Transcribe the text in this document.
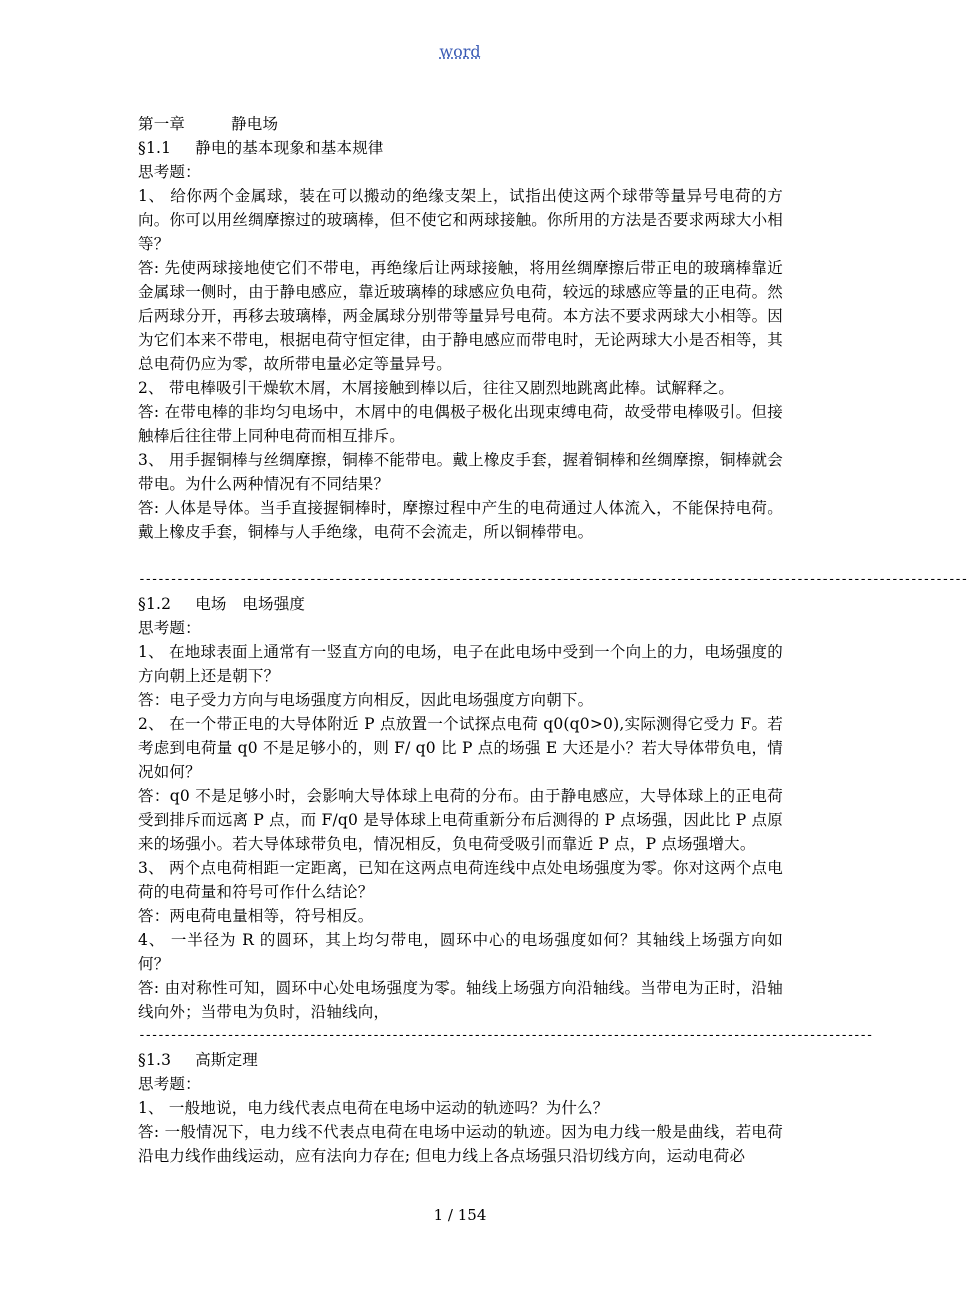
word
第一章	静电场
§1.1 静电的基本现象和基本规律
思考题：
1、 给你两个金属球，装在可以搬动的绝缘支架上，试指出使这两个球带等量异号电荷的方向。你可以用丝绸摩擦过的玻璃棒，但不使它和两球接触。你所用的方法是否要求两球大小相等？
答: 先使两球接地使它们不带电，再绝缘后让两球接触，将用丝绸摩擦后带正电的玻璃棒靠近金属球一侧时，由于静电感应，靠近玻璃棒的球感应负电荷，较远的球感应等量的正电荷。然后两球分开，再移去玻璃棒，两金属球分别带等量异号电荷。本方法不要求两球大小相等。因为它们本来不带电，根据电荷守恒定律，由于静电感应而带电时，无论两球大小是否相等，其总电荷仍应为零，故所带电量必定等量异号。
2、 带电棒吸引干燥软木屑，木屑接触到棒以后，往往又剧烈地跳离此棒。试解释之。
答: 在带电棒的非均匀电场中，木屑中的电偶极子极化出现束缚电荷，故受带电棒吸引。但接触棒后往往带上同种电荷而相互排斥。
3、 用手握铜棒与丝绸摩擦，铜棒不能带电。戴上橡皮手套，握着铜棒和丝绸摩擦，铜棒就会带电。为什么两种情况有不同结果？
答: 人体是导体。当手直接握铜棒时，摩擦过程中产生的电荷通过人体流入，不能保持电荷。戴上橡皮手套，铜棒与人手绝缘，电荷不会流走，所以铜棒带电。
-----------------------------------------------------------------------------------------------------------------------------------
§1.2 电场　电场强度
思考题：
1、 在地球表面上通常有一竖直方向的电场，电子在此电场中受到一个向上的力，电场强度的方向朝上还是朝下？
答：电子受力方向与电场强度方向相反，因此电场强度方向朝下。
2、 在一个带正电的大导体附近 P 点放置一个试探点电荷 q0(q0>0),实际测得它受力 F。若考虑到电荷量 q0 不是足够小的，则 F/ q0 比 P 点的场强 E 大还是小？若大导体带负电，情况如何？
答：q0 不是足够小时，会影响大导体球上电荷的分布。由于静电感应，大导体球上的正电荷受到排斥而远离 P 点，而 F/q0 是导体球上电荷重新分布后测得的 P 点场强，因此比 P 点原来的场强小。若大导体球带负电，情况相反，负电荷受吸引而靠近 P 点，P 点场强增大。
3、 两个点电荷相距一定距离，已知在这两点电荷连线中点处电场强度为零。你对这两个点电荷的电荷量和符号可作什么结论？
答：两电荷电量相等，符号相反。
4、 一半径为 R 的圆环，其上均匀带电，圆环中心的电场强度如何？其轴线上场强方向如何？
答: 由对称性可知，圆环中心处电场强度为零。轴线上场强方向沿轴线。当带电为正时，沿轴线向外；当带电为负时，沿轴线向，
--------------------------------------------------------------------------------------------------------------------
§1.3 高斯定理
思考题：
1、 一般地说，电力线代表点电荷在电场中运动的轨迹吗？为什么？
答: 一般情况下，电力线不代表点电荷在电场中运动的轨迹。因为电力线一般是曲线，若电荷沿电力线作曲线运动，应有法向力存在; 但电力线上各点场强只沿切线方向，运动电荷必
1 / 154
